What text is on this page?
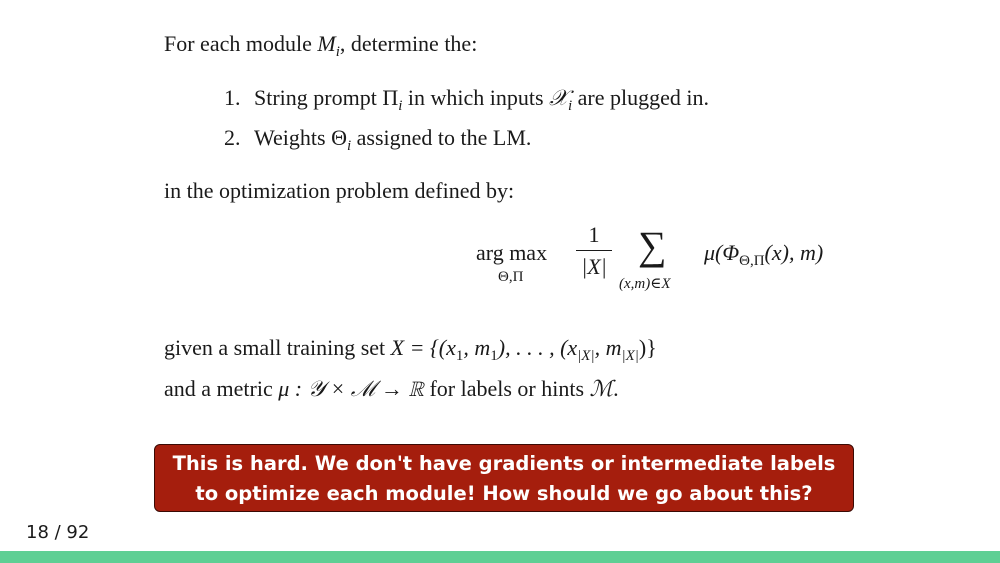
For each module $M_i$, determine the:
1. String prompt $\Pi_i$ in which inputs 𝒳$_i$ are plugged in.
2. Weights $\Theta_i$ assigned to the LM.
in the optimization problem defined by:
arg max
Θ,Π
1
|X| ∑
(x,m)∈X
$\mu(\Phi_{\Theta,\Pi}(x)$, m)
given a small training set $X = \{(x_1$, $m_1$), . . . , ($x_{|X|}$, $m_{|X|}$)}
and a metric μ : 𝒴 × ℳ → ℝ for labels or hints ℳ.
This is hard. We don't have gradients or intermediate labels
to optimize each module! How should we go about this?
18 / 92
